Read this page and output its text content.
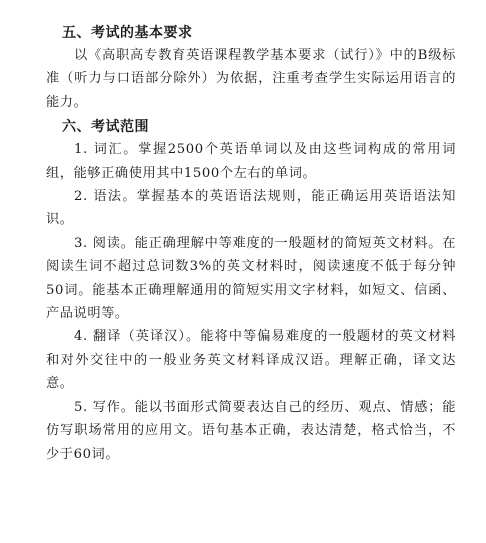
五、考试的基本要求

以《高职高专教育英语课程教学基本要求（试行）》中的B级标准（听力与口语部分除外）为依据，注重考查学生实际运用语言的能力。

六、考试范围

1. 词汇。掌握2500个英语单词以及由这些词构成的常用词组，能够正确使用其中1500个左右的单词。

2. 语法。掌握基本的英语语法规则，能正确运用英语语法知识。

3. 阅读。能正确理解中等难度的一般题材的简短英文材料。在阅读生词不超过总词数3%的英文材料时，阅读速度不低于每分钟50词。能基本正确理解通用的简短实用文字材料，如短文、信函、产品说明等。

4. 翻译（英译汉）。能将中等偏易难度的一般题材的英文材料和对外交往中的一般业务英文材料译成汉语。理解正确，译文达意。

5. 写作。能以书面形式简要表达自己的经历、观点、情感；能仿写职场常用的应用文。语句基本正确，表达清楚，格式恰当，不少于60词。
